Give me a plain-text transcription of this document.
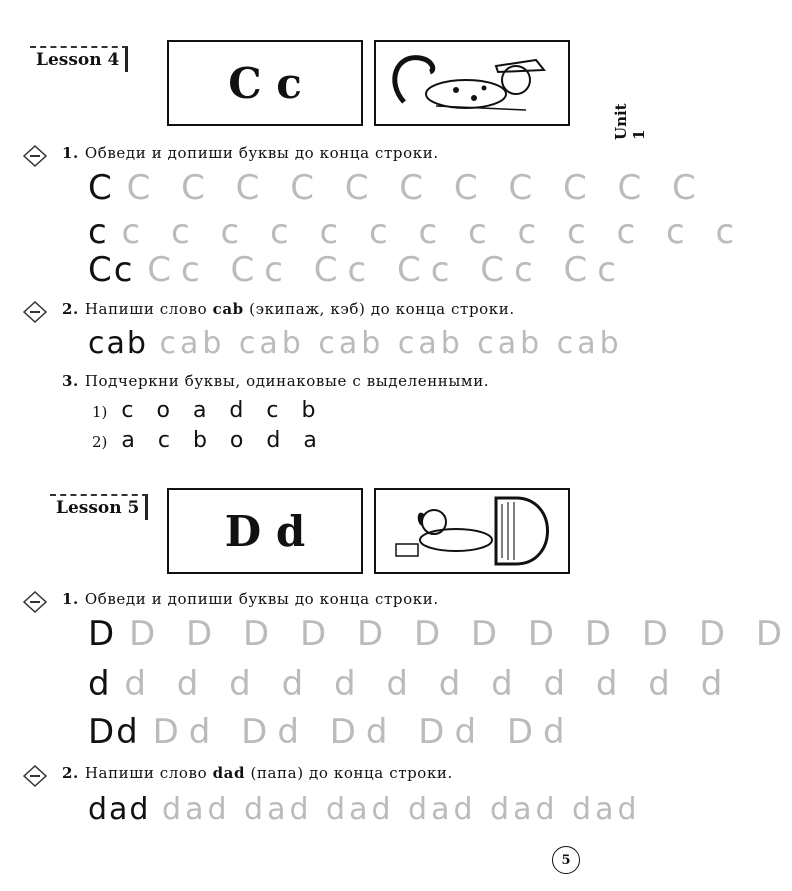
Unit 1
Lesson 4	C c
1. Обведи и допиши буквы до конца строки.
C C C C C C C C C C C C
c c c c c c c c c c c c c c
Cc Cc Cc Cc Cc Cc Cc
2. Напиши слово cab (экипаж, кэб) до конца строки.
cab cab cab cab cab cab cab
3. Подчеркни буквы, одинаковые с выделенными.
1) c o a d c b
2) a c b o d a
Lesson 5 D d
1. Обведи и допиши буквы до конца строки.
D D D D D D D D D D D D D
d d d d d d d d d d d d d
Dd Dd Dd Dd Dd Dd
2. Напиши слово dad (папа) до конца строки.
dad dad dad dad dad dad dad
5
